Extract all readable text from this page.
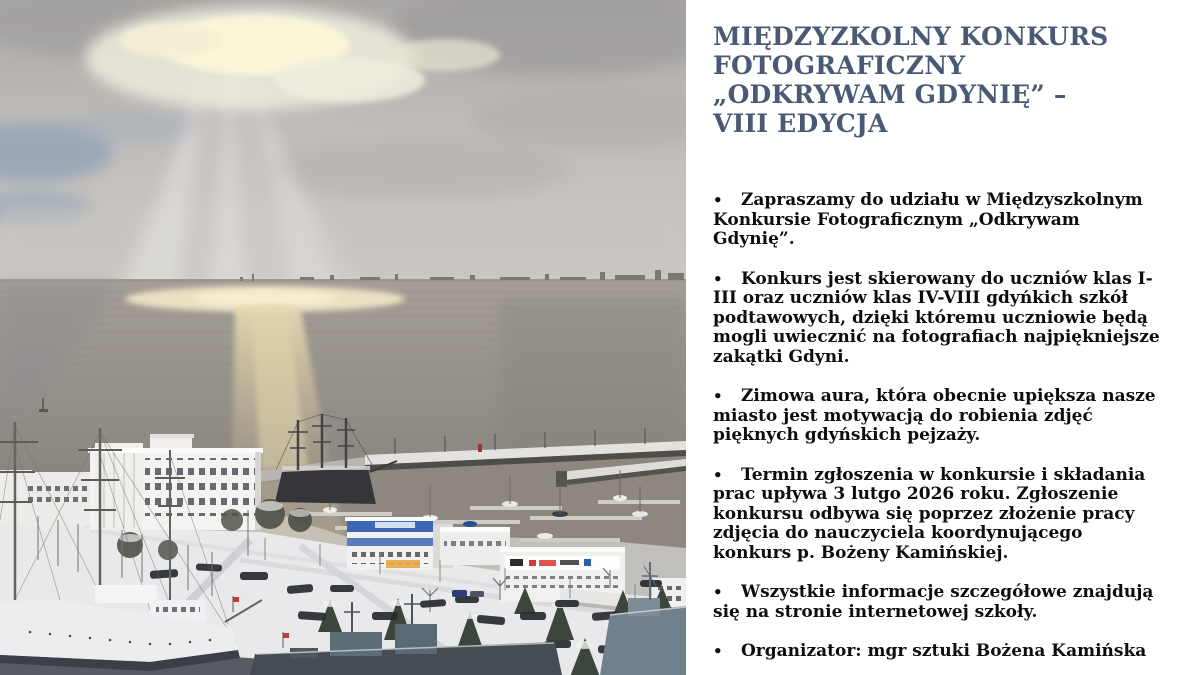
MIĘDZYZKOLNY KONKURS
FOTOGRAFICZNY
„ODKRYWAM GDYNIĘ” –
VIII EDYCJA

• Zapraszamy do udziału w Międzyszkolnym Konkursie Fotograficznym „Odkrywam Gdynię”.

• Konkurs jest skierowany do uczniów klas I-III oraz uczniów klas IV-VIII gdyńkich szkół podtawowych, dzięki któremu uczniowie będą mogli uwiecznić na fotografiach najpiękniejsze zakątki Gdyni.

• Zimowa aura, która obecnie upiększa nasze miasto jest motywacją do robienia zdjęć pięknych gdyńskich pejzaży.

• Termin zgłoszenia w konkursie i składania prac upływa 3 lutgo 2026 roku. Zgłoszenie konkursu odbywa się poprzez złożenie pracy zdjęcia do nauczyciela koordynującego konkurs p. Bożeny Kamińskiej.

• Wszystkie informacje szczegółowe znajdują się na stronie internetowej szkoły.

• Organizator: mgr sztuki Bożena Kamińska
